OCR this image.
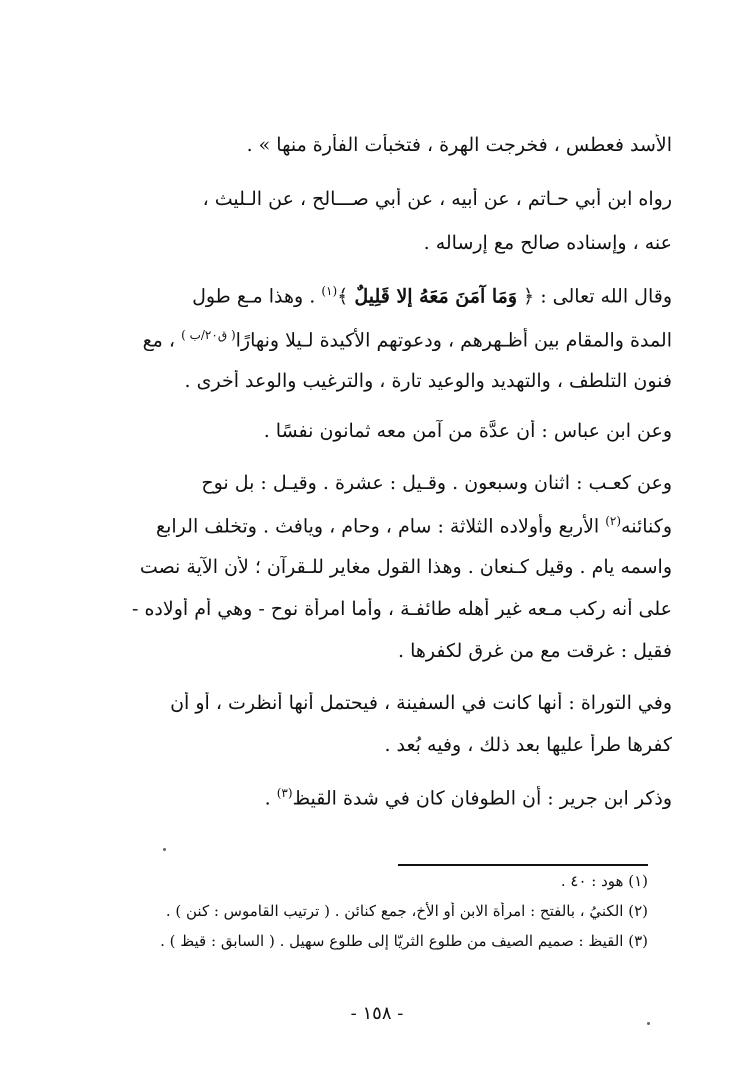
الأسد فعطس ، فخرجت الهرة ، فتخبأت الفأرة منها » .
رواه ابن أبي حـاتم ، عن أبيه ، عن أبي صـــالح ، عن الـليث ،
عنه ، وإسناده صالح مع إرساله .
وقال الله تعالى : ﴿ وَمَا آمَنَ مَعَهُ إِلا قَلِيلٌ ﴾$^{(١)}$ . وهذا مـع طول
المدة والمقام بين أظـهرهم ، ودعوتهم الأكيدة لـيلا ونهارًا$^{( ق٢٠/ب )}$ ، مع
فنون التلطف ، والتهديد والوعيد تارة ، والترغيب والوعد أخرى .
وعن ابن عباس : أن عدَّة من آمن معه ثمانون نفسًا .
وعن كعـب : اثنان وسبعون . وقـيل : عشرة . وقيـل : بل نوح
وكنائنه$^{(٢)}$ الأربع وأولاده الثلاثة : سام ، وحام ، ويافث . وتخلف الرابع
واسمه يام . وقيل كـنعان . وهذا القول مغاير للـقرآن ؛ لأن الآية نصت
على أنه ركب مـعه غير أهله طائفـة ، وأما امرأة نوح - وهي أم أولاده -
فقيل : غرقت مع من غرق لكفرها .
وفي التوراة : أنها كانت في السفينة ، فيحتمل أنها أنظرت ، أو أن
كفرها طرأ عليها بعد ذلك ، وفيه بُعد .
وذكر ابن جرير : أن الطوفان كان في شدة القيظ$^{(٣)}$ .
(١) هود : ٤٠ .
(٢) الكنيُ ، بالفتح : امرأة الابن أو الأخ، جمع كنائن . ( ترتيب القاموس : كنن ) .
(٣) القيظ : صميم الصيف من طلوع الثريّا إلى طلوع سهيل . ( السابق : قيظ ) .
- ١٥٨ -
